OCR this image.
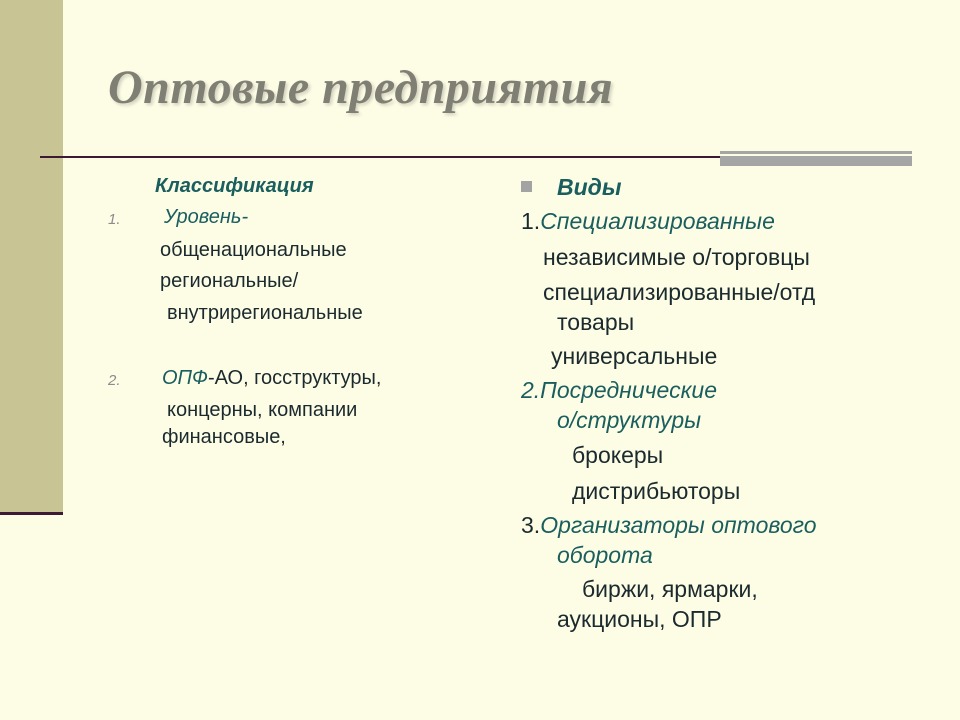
Оптовые предприятия
Классификация
1. Уровень-
общенациональные
региональные/
внутрирегиональные
2. ОПФ-АО, госструктуры,
концерны, компании
финансовые,
Виды
1.Специализированные
независимые о/торговцы
специализированные/отд
товары
универсальные
2.Посреднические
о/структуры
брокеры
дистрибьюторы
3.Организаторы оптового
оборота
биржи, ярмарки,
аукционы, ОПР
